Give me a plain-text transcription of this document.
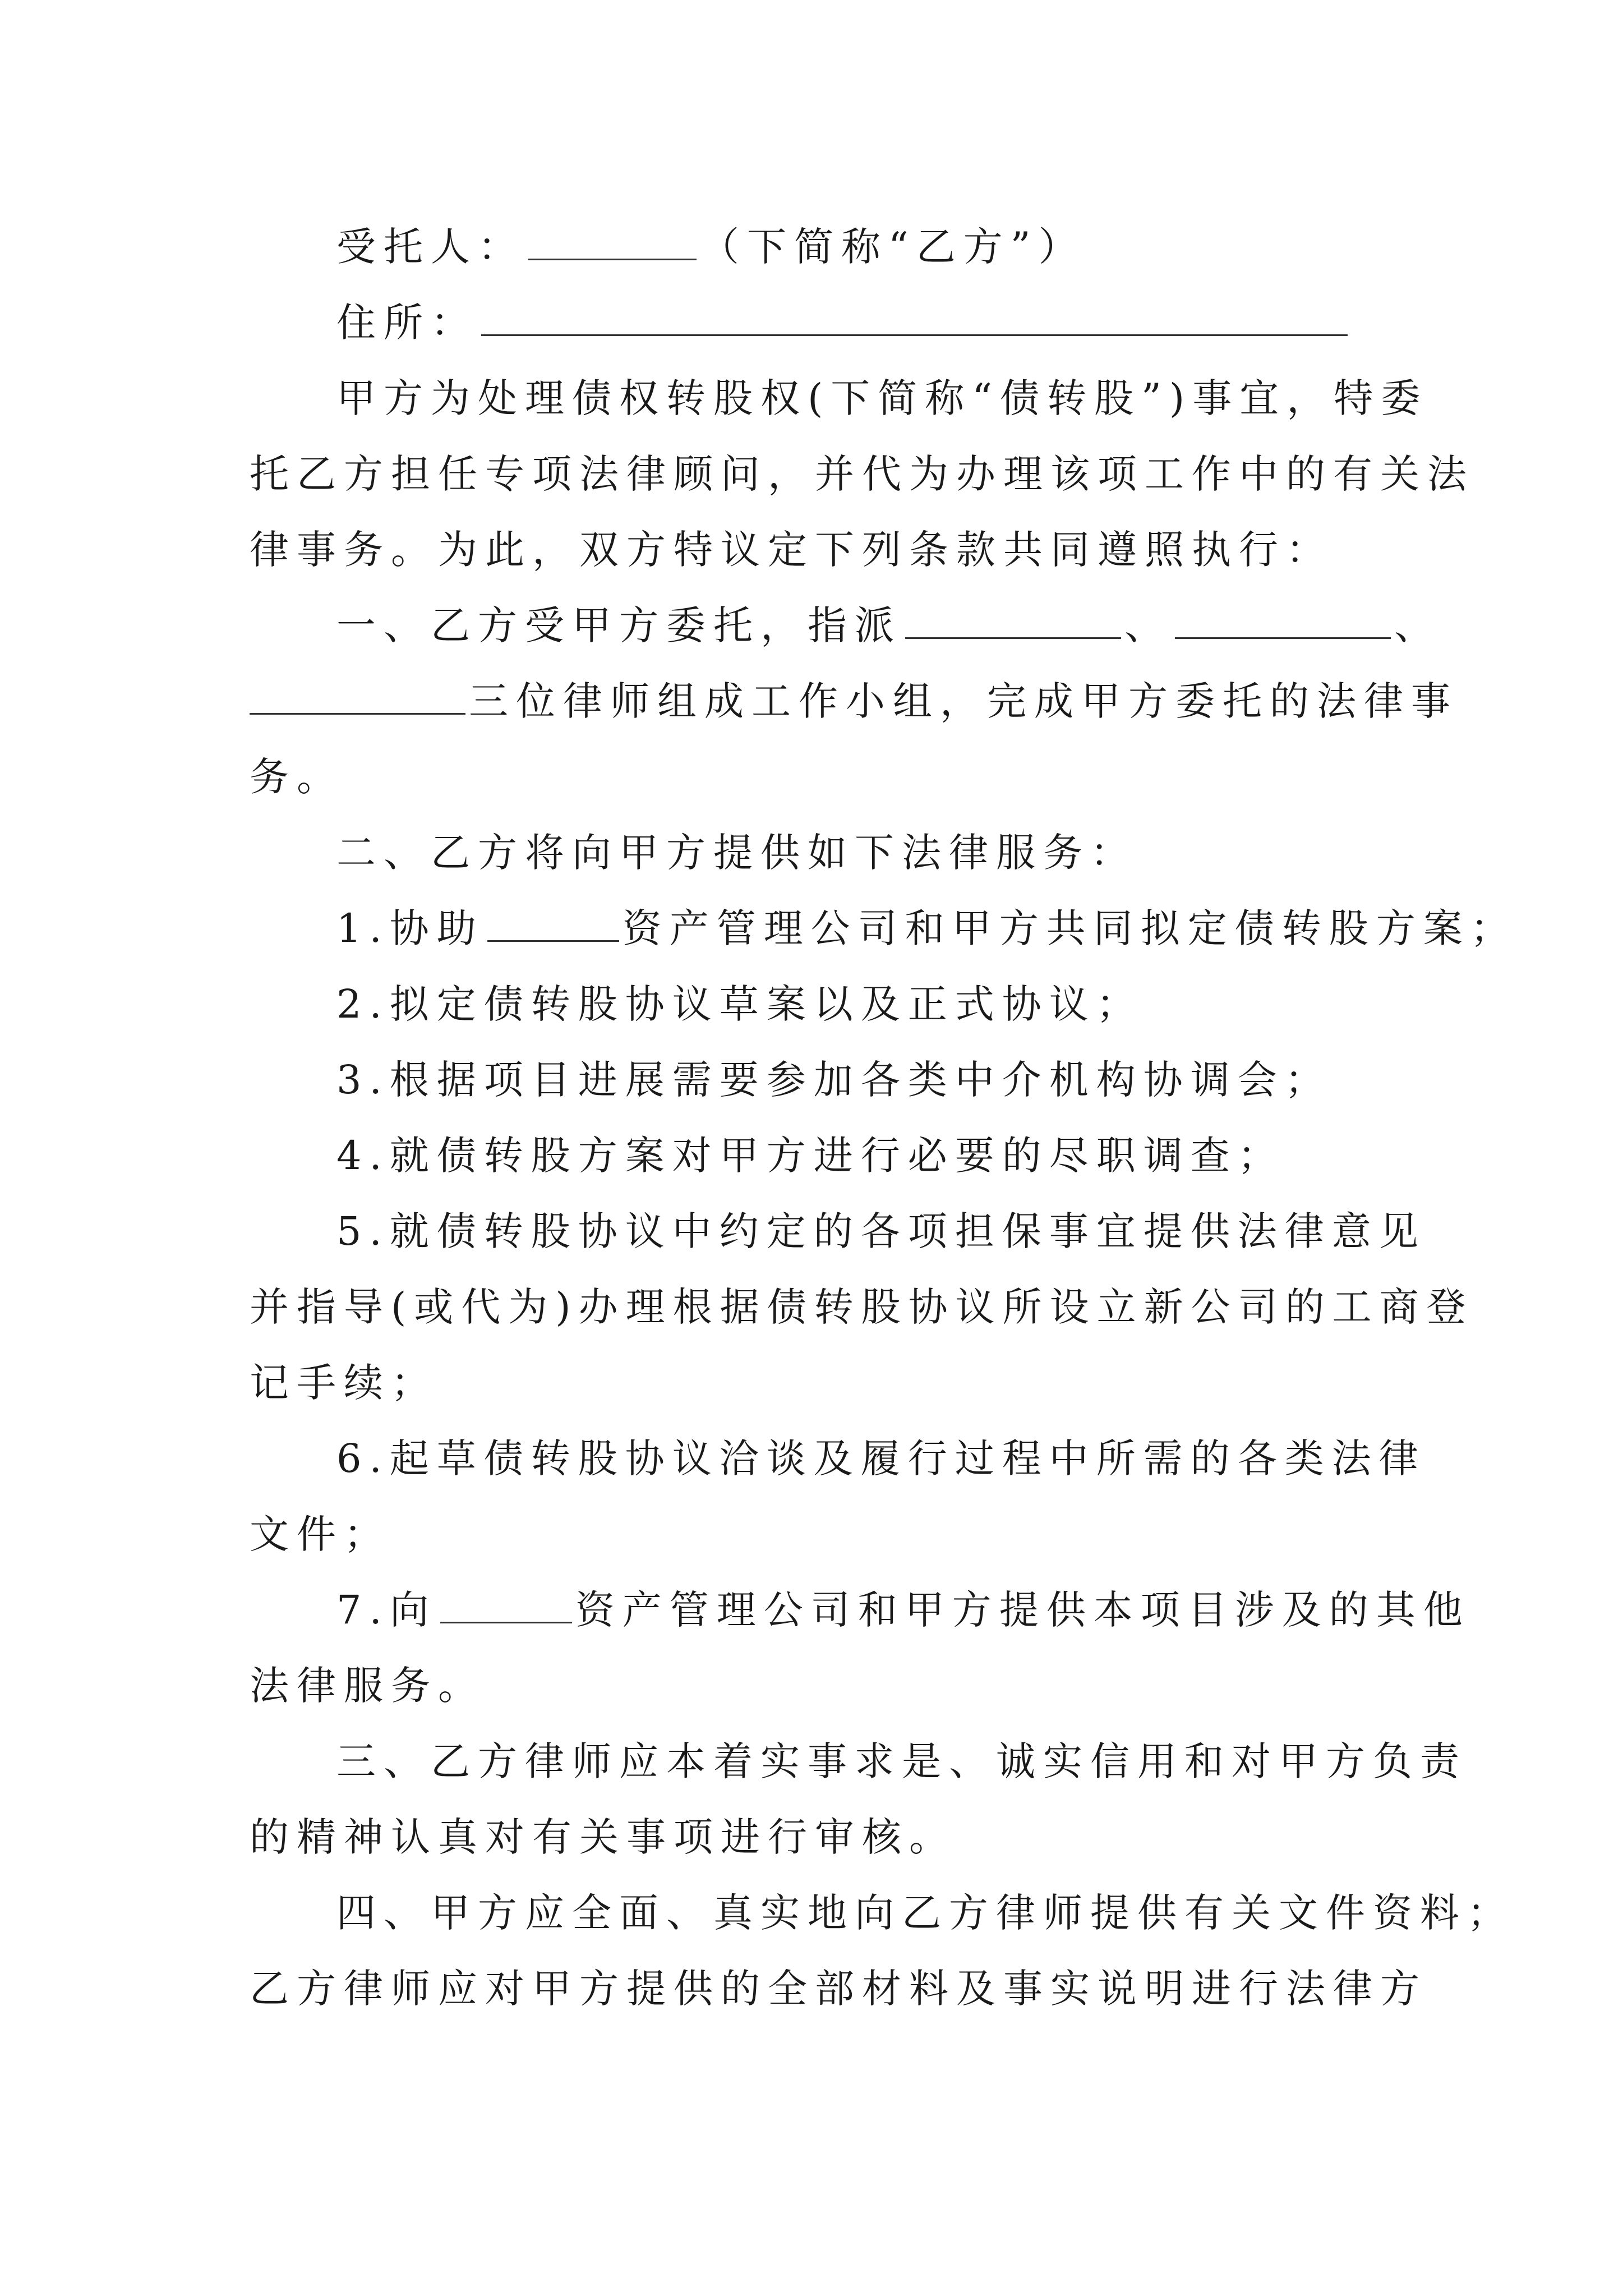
受托人：	（下简称“乙方”）
住所：
甲方为处理债权转股权(下简称“债转股”)事宜，特委
托乙方担任专项法律顾问，并代为办理该项工作中的有关法
律事务。为此，双方特议定下列条款共同遵照执行：
一、乙方受甲方委托，指派	、	、
三位律师组成工作小组，完成甲方委托的法律事
务。
二、乙方将向甲方提供如下法律服务：
1.协助	资产管理公司和甲方共同拟定债转股方案；
2.拟定债转股协议草案以及正式协议；
3.根据项目进展需要参加各类中介机构协调会；
4.就债转股方案对甲方进行必要的尽职调查；
5.就债转股协议中约定的各项担保事宜提供法律意见
并指导(或代为)办理根据债转股协议所设立新公司的工商登
记手续；
6.起草债转股协议洽谈及履行过程中所需的各类法律
文件；
7.向	资产管理公司和甲方提供本项目涉及的其他
法律服务。
三、乙方律师应本着实事求是、诚实信用和对甲方负责
的精神认真对有关事项进行审核。
四、甲方应全面、真实地向乙方律师提供有关文件资料；
乙方律师应对甲方提供的全部材料及事实说明进行法律方
